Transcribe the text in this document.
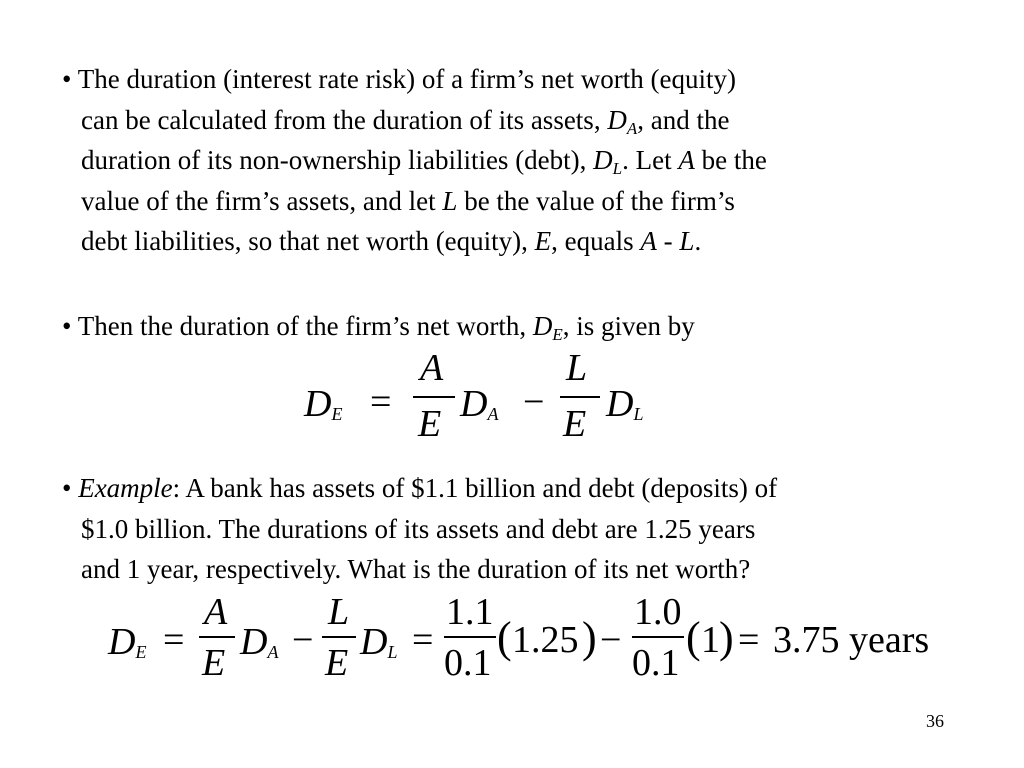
• The duration (interest rate risk) of a firm’s net worth (equity)
can be calculated from the duration of its assets, $D_A$, and the
duration of its non-ownership liabilities (debt), $D_L$. Let A be the
value of the firm’s assets, and let L be the value of the firm’s
debt liabilities, so that net worth (equity), E, equals A - L.
• Then the duration of the firm’s net worth, $D_E$, is given by
$D_E$ =
A
E $D_A$ −
L
E $D_L$
• Example: A bank has assets of $1.1 billion and debt (deposits) of
$1.0 billion. The durations of its assets and debt are 1.25 years
and 1 year, respectively. What is the duration of its net worth?
$D_E$ =
A
E $D_A$ −
L
E $D_L$ =
1.1
0.1
( 1.25 ) −
1.0
0.1
( 1 ) = 3.75 years
36
